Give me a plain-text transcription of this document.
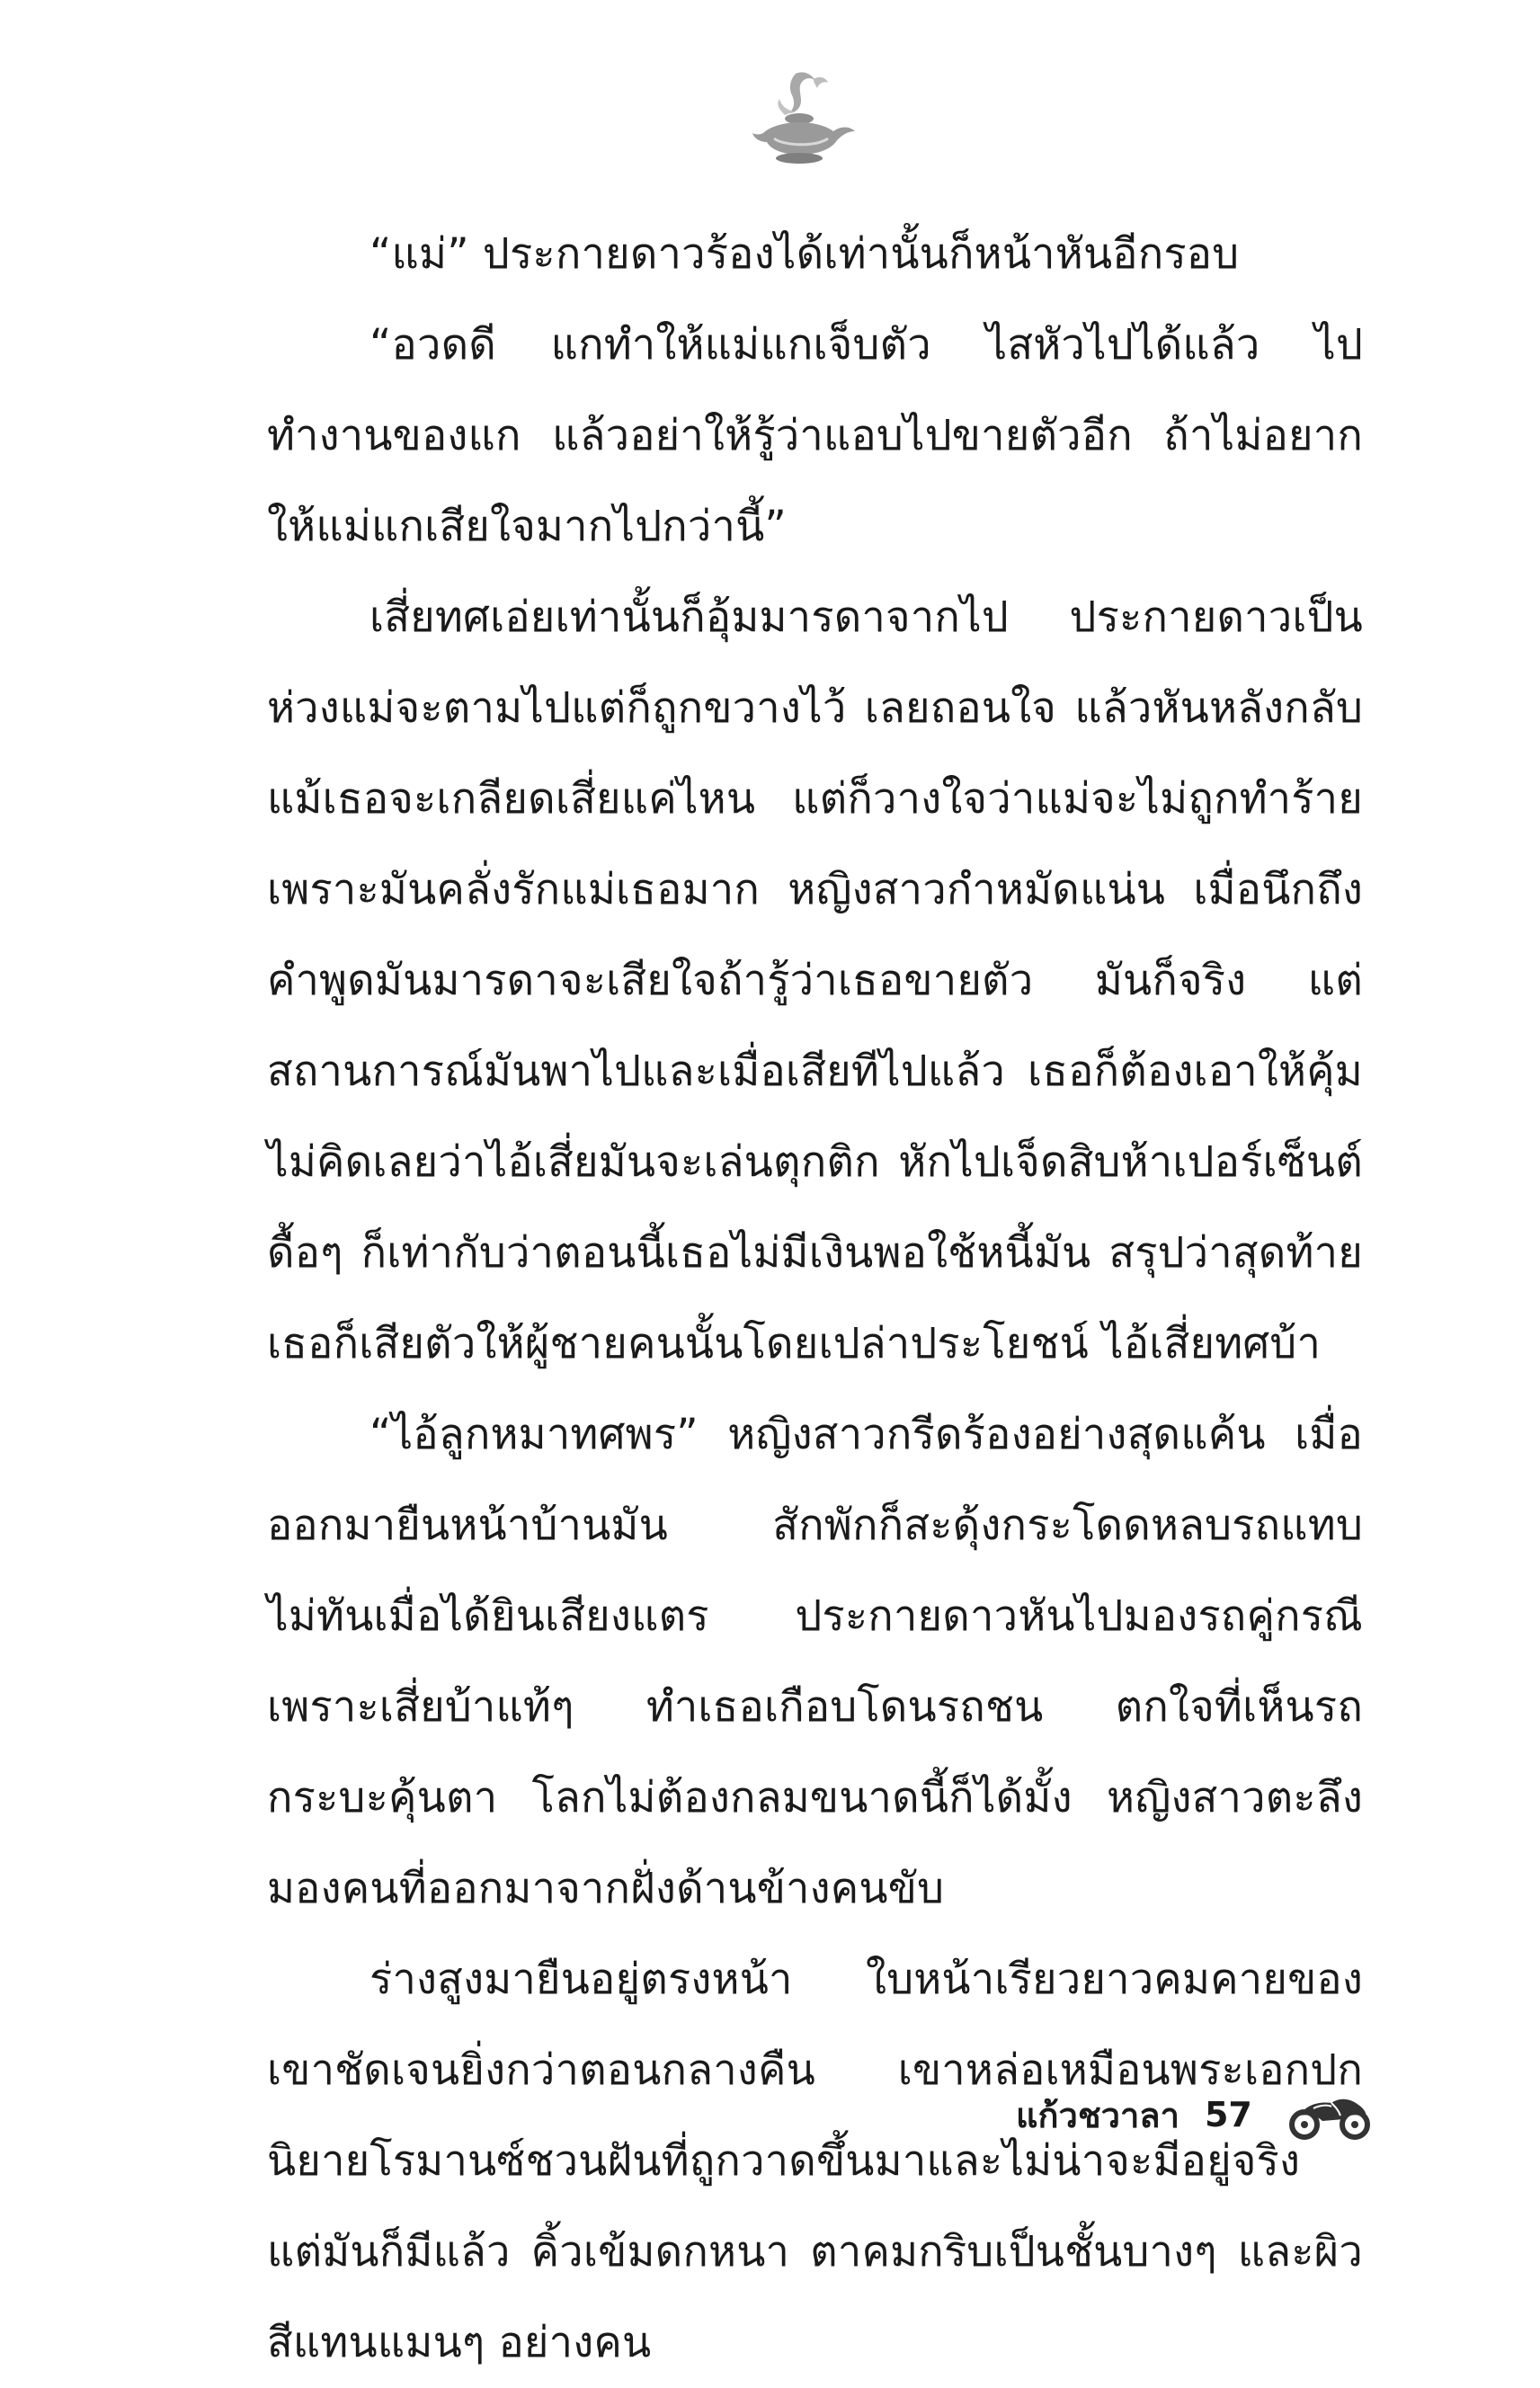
“แม่” ประกายดาวร้องได้เท่านั้นก็หน้าหันอีกรอบ

“อวดดี แกทำให้แม่แกเจ็บตัว ไสหัวไปได้แล้ว ไปทำงานของแก แล้วอย่าให้รู้ว่าแอบไปขายตัวอีก ถ้าไม่อยากให้แม่แกเสียใจมากไปกว่านี้”

เสี่ยทศเอ่ยเท่านั้นก็อุ้มมารดาจากไป ประกายดาวเป็นห่วงแม่จะตามไปแต่ก็ถูกขวางไว้ เลยถอนใจ แล้วหันหลังกลับ แม้เธอจะเกลียดเสี่ยแค่ไหน แต่ก็วางใจว่าแม่จะไม่ถูกทำร้าย เพราะมันคลั่งรักแม่เธอมาก หญิงสาวกำหมัดแน่น เมื่อนึกถึงคำพูดมันมารดาจะเสียใจถ้ารู้ว่าเธอขายตัว มันก็จริง แต่สถานการณ์มันพาไปและเมื่อเสียทีไปแล้ว เธอก็ต้องเอาให้คุ้ม ไม่คิดเลยว่าไอ้เสี่ยมันจะเล่นตุกติก หักไปเจ็ดสิบห้าเปอร์เซ็นต์ดื้อๆ ก็เท่ากับว่าตอนนี้เธอไม่มีเงินพอใช้หนี้มัน สรุปว่าสุดท้ายเธอก็เสียตัวให้ผู้ชายคนนั้นโดยเปล่าประโยชน์ ไอ้เสี่ยทศบ้า

“ไอ้ลูกหมาทศพร” หญิงสาวกรีดร้องอย่างสุดแค้น เมื่อออกมายืนหน้าบ้านมัน สักพักก็สะดุ้งกระโดดหลบรถแทบไม่ทันเมื่อได้ยินเสียงแตร ประกายดาวหันไปมองรถคู่กรณี เพราะเสี่ยบ้าแท้ๆ ทำเธอเกือบโดนรถชน ตกใจที่เห็นรถกระบะคุ้นตา โลกไม่ต้องกลมขนาดนี้ก็ได้มั้ง หญิงสาวตะลึงมองคนที่ออกมาจากฝั่งด้านข้างคนขับ

ร่างสูงมายืนอยู่ตรงหน้า ใบหน้าเรียวยาวคมคายของเขาชัดเจนยิ่งกว่าตอนกลางคืน เขาหล่อเหมือนพระเอกปกนิยายโรมานซ์ชวนฝันที่ถูกวาดขึ้นมาและไม่น่าจะมีอยู่จริง แต่มันก็มีแล้ว คิ้วเข้มดกหนา ตาคมกริบเป็นชั้นบางๆ และผิวสีแทนแมนๆ อย่างคน

แก้วชวาลา 57
